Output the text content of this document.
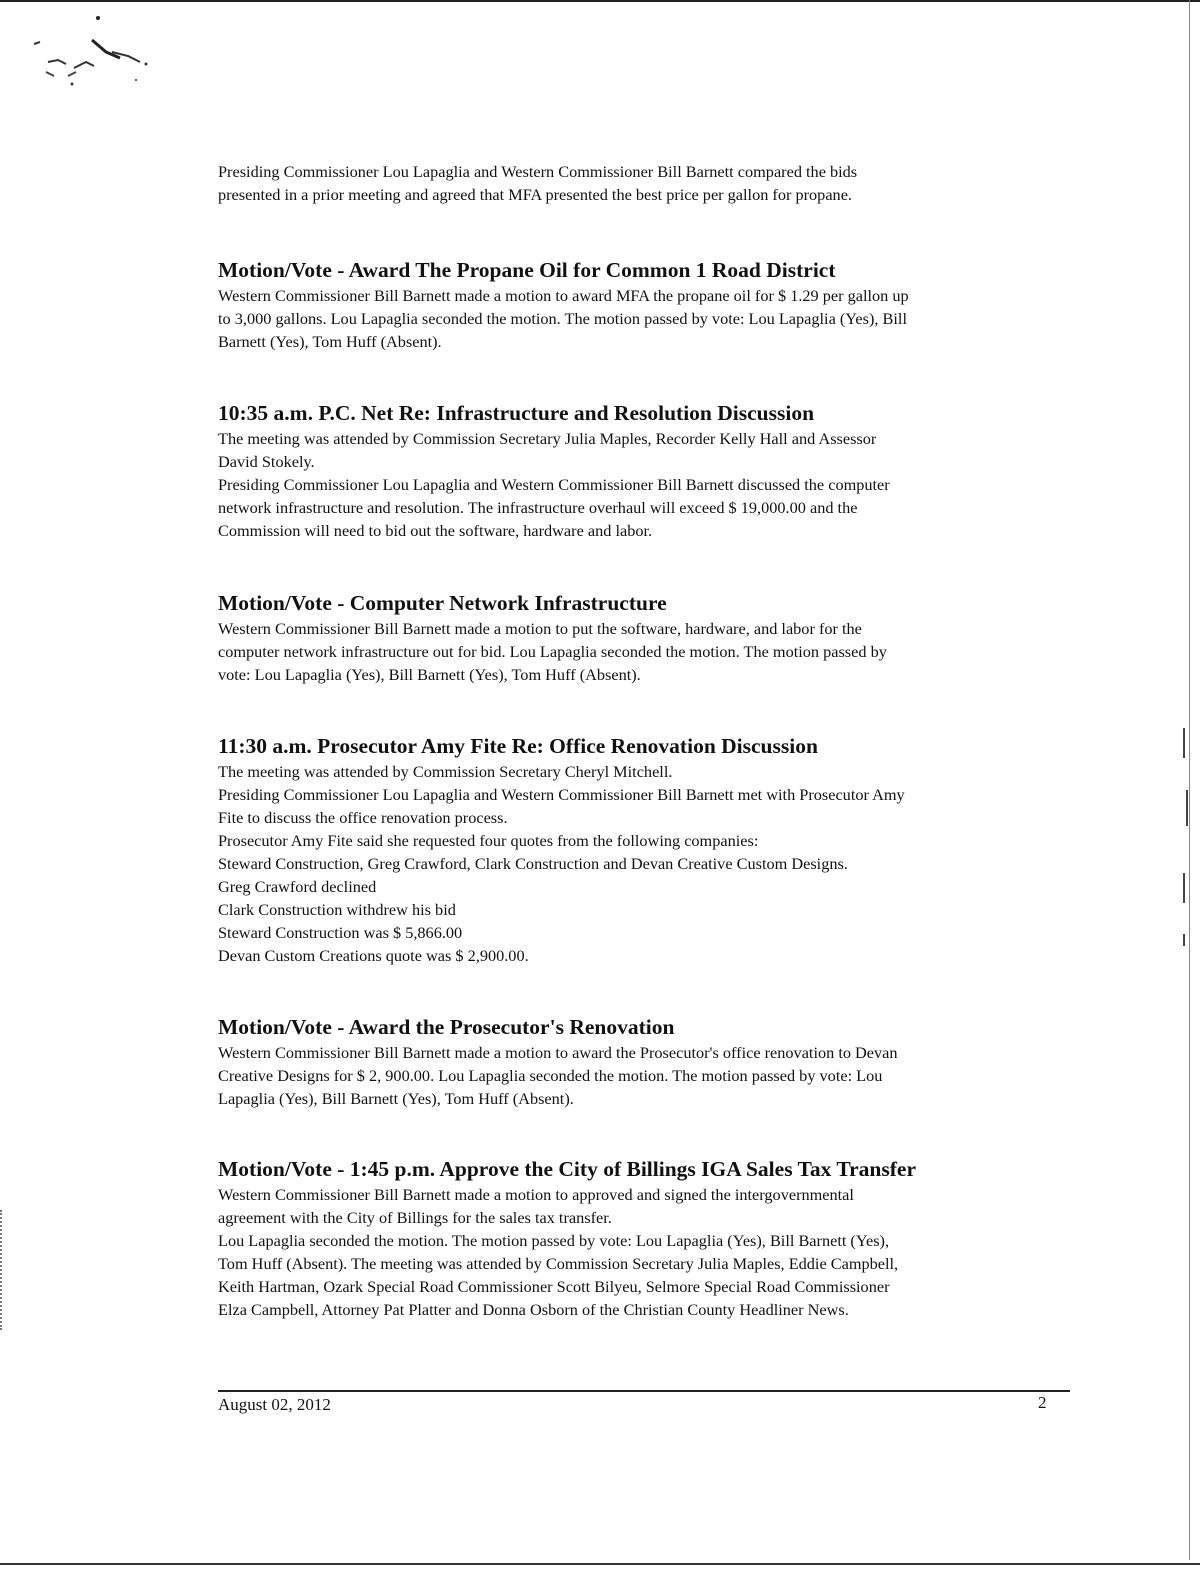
Presiding Commissioner Lou Lapaglia and Western Commissioner Bill Barnett compared the bids

presented in a prior meeting and agreed that MFA presented the best price per gallon for propane.

Motion/Vote - Award The Propane Oil for Common 1 Road District

Western Commissioner Bill Barnett made a motion to award MFA the propane oil for $ 1.29 per gallon up

to 3,000 gallons. Lou Lapaglia seconded the motion. The motion passed by vote: Lou Lapaglia (Yes), Bill

Barnett (Yes), Tom Huff (Absent).

10:35 a.m. P.C. Net Re: Infrastructure and Resolution Discussion

The meeting was attended by Commission Secretary Julia Maples, Recorder Kelly Hall and Assessor

David Stokely.

Presiding Commissioner Lou Lapaglia and Western Commissioner Bill Barnett discussed the computer

network infrastructure and resolution. The infrastructure overhaul will exceed $ 19,000.00 and the

Commission will need to bid out the software, hardware and labor.

Motion/Vote - Computer Network Infrastructure

Western Commissioner Bill Barnett made a motion to put the software, hardware, and labor for the

computer network infrastructure out for bid. Lou Lapaglia seconded the motion. The motion passed by

vote: Lou Lapaglia (Yes), Bill Barnett (Yes), Tom Huff (Absent).

11:30 a.m. Prosecutor Amy Fite Re: Office Renovation Discussion

The meeting was attended by Commission Secretary Cheryl Mitchell.

Presiding Commissioner Lou Lapaglia and Western Commissioner Bill Barnett met with Prosecutor Amy

Fite to discuss the office renovation process.

Prosecutor Amy Fite said she requested four quotes from the following companies:

Steward Construction, Greg Crawford, Clark Construction and Devan Creative Custom Designs.

Greg Crawford declined

Clark Construction withdrew his bid

Steward Construction was $ 5,866.00

Devan Custom Creations quote was $ 2,900.00.

Motion/Vote - Award the Prosecutor's Renovation

Western Commissioner Bill Barnett made a motion to award the Prosecutor's office renovation to Devan

Creative Designs for $ 2, 900.00. Lou Lapaglia seconded the motion. The motion passed by vote: Lou

Lapaglia (Yes), Bill Barnett (Yes), Tom Huff (Absent).

Motion/Vote - 1:45 p.m. Approve the City of Billings IGA Sales Tax Transfer

Western Commissioner Bill Barnett made a motion to approved and signed the intergovernmental

agreement with the City of Billings for the sales tax transfer.

Lou Lapaglia seconded the motion. The motion passed by vote: Lou Lapaglia (Yes), Bill Barnett (Yes),

Tom Huff (Absent). The meeting was attended by Commission Secretary Julia Maples, Eddie Campbell,

Keith Hartman, Ozark Special Road Commissioner Scott Bilyeu, Selmore Special Road Commissioner

Elza Campbell, Attorney Pat Platter and Donna Osborn of the Christian County Headliner News.

August 02, 2012	2
